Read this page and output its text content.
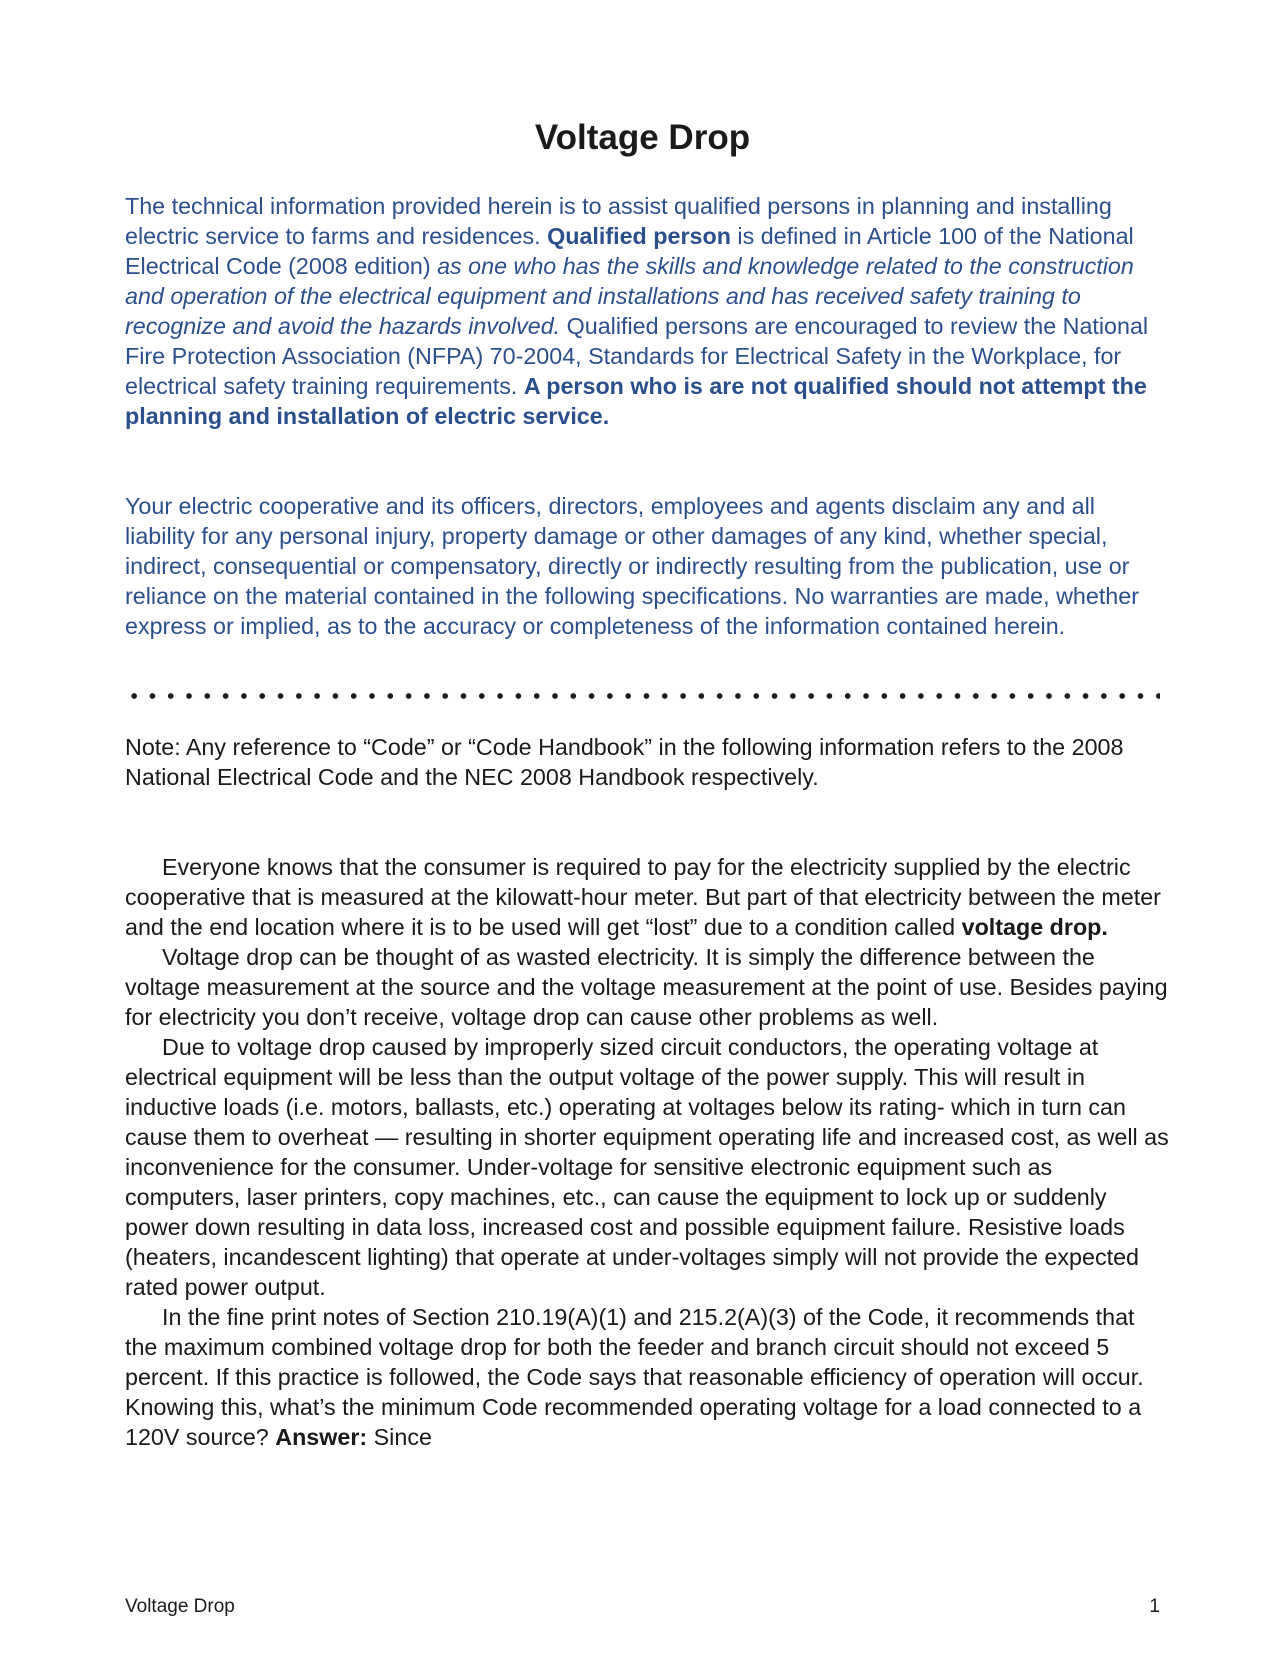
Voltage Drop
The technical information provided herein is to assist qualified persons in planning and installing electric service to farms and residences. Qualified person is defined in Article 100 of the National Electrical Code (2008 edition) as one who has the skills and knowledge related to the construction and operation of the electrical equipment and installations and has received safety training to recognize and avoid the hazards involved. Qualified persons are encouraged to review the National Fire Protection Association (NFPA) 70-2004, Standards for Electrical Safety in the Workplace, for electrical safety training requirements. A person who is are not qualified should not attempt the planning and installation of electric service.

Your electric cooperative and its officers, directors, employees and agents disclaim any and all liability for any personal injury, property damage or other damages of any kind, whether special, indirect, consequential or compensatory, directly or indirectly resulting from the publication, use or reliance on the material contained in the following specifications. No warranties are made, whether express or implied, as to the accuracy or completeness of the information contained herein.

Note: Any reference to “Code” or “Code Handbook” in the following information refers to the 2008 National Electrical Code and the NEC 2008 Handbook respectively.

Everyone knows that the consumer is required to pay for the electricity supplied by the electric cooperative that is measured at the kilowatt-hour meter. But part of that electricity between the meter and the end location where it is to be used will get “lost” due to a condition called voltage drop.

Voltage drop can be thought of as wasted electricity. It is simply the difference between the voltage measurement at the source and the voltage measurement at the point of use. Besides paying for electricity you don’t receive, voltage drop can cause other problems as well.

Due to voltage drop caused by improperly sized circuit conductors, the operating voltage at electrical equipment will be less than the output voltage of the power supply. This will result in inductive loads (i.e. motors, ballasts, etc.) operating at voltages below its rating- which in turn can cause them to overheat — resulting in shorter equipment operating life and increased cost, as well as inconvenience for the consumer. Under-voltage for sensitive electronic equipment such as computers, laser printers, copy machines, etc., can cause the equipment to lock up or suddenly power down resulting in data loss, increased cost and possible equipment failure. Resistive loads (heaters, incandescent lighting) that operate at under-voltages simply will not provide the expected rated power output.

In the fine print notes of Section 210.19(A)(1) and 215.2(A)(3) of the Code, it recommends that the maximum combined voltage drop for both the feeder and branch circuit should not exceed 5 percent. If this practice is followed, the Code says that reasonable efficiency of operation will occur. Knowing this, what’s the minimum Code recommended operating voltage for a load connected to a 120V source? Answer: Since

Voltage Drop	1
